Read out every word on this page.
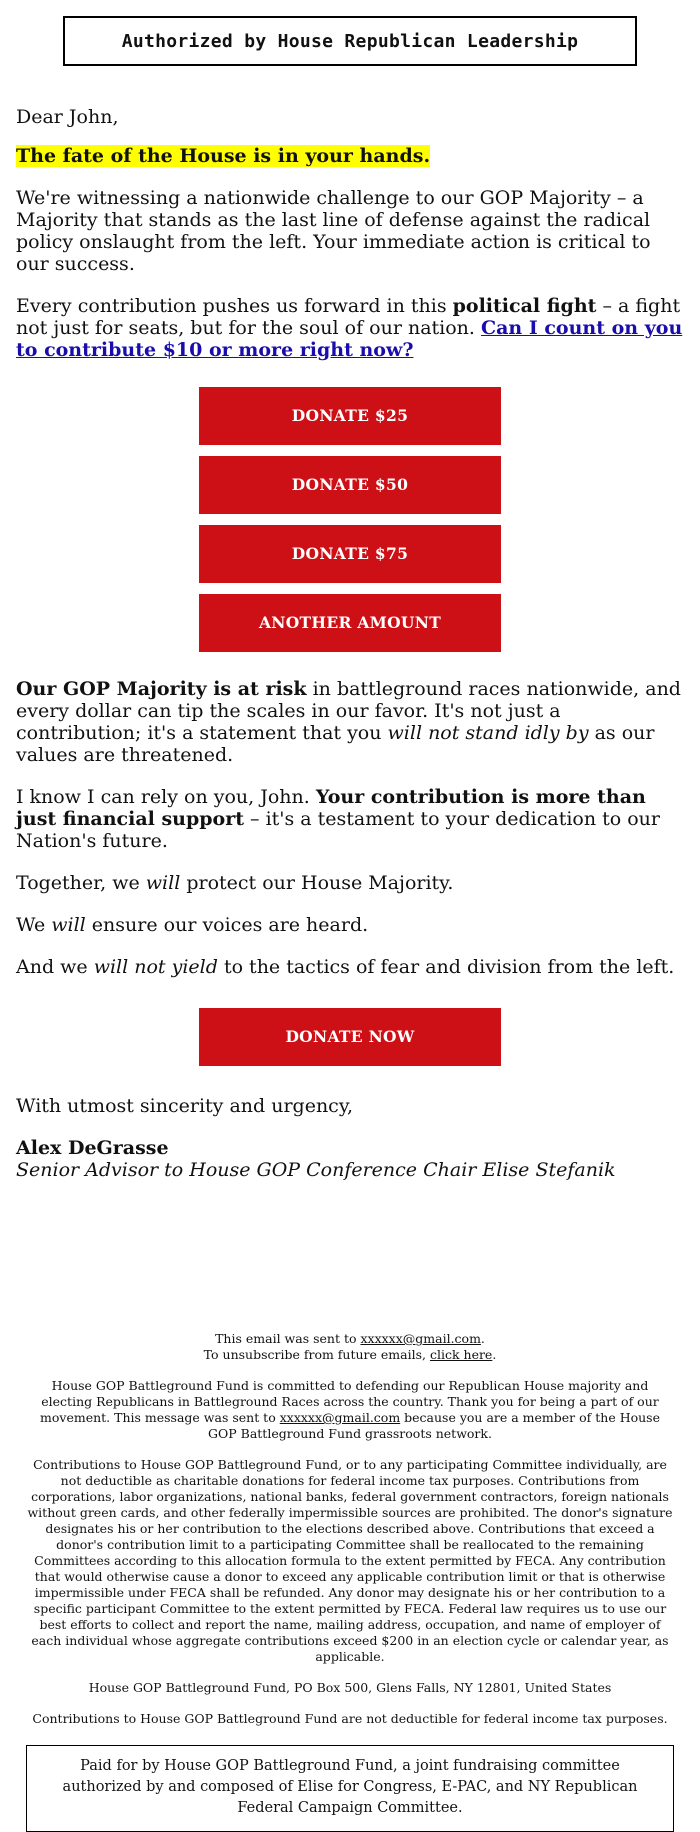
Authorized by House Republican Leadership

Dear John,

The fate of the House is in your hands.

We're witnessing a nationwide challenge to our GOP Majority – a Majority that stands as the last line of defense against the radical policy onslaught from the left. Your immediate action is critical to our success.

Every contribution pushes us forward in this political fight – a fight not just for seats, but for the soul of our nation. Can I count on you to contribute $10 or more right now?

DONATE $25
DONATE $50
DONATE $75
ANOTHER AMOUNT

Our GOP Majority is at risk in battleground races nationwide, and every dollar can tip the scales in our favor. It's not just a contribution; it's a statement that you will not stand idly by as our values are threatened.

I know I can rely on you, John. Your contribution is more than just financial support – it's a testament to your dedication to our Nation's future.

Together, we will protect our House Majority.

We will ensure our voices are heard.

And we will not yield to the tactics of fear and division from the left.

DONATE NOW

With utmost sincerity and urgency,

Alex DeGrasse

Senior Advisor to House GOP Conference Chair Elise Stefanik

This email was sent to xxxxxx@gmail.com.
To unsubscribe from future emails, click here.
House GOP Battleground Fund is committed to defending our Republican House majority and electing Republicans in Battleground Races across the country. Thank you for being a part of our movement. This message was sent to xxxxxx@gmail.com because you are a member of the House GOP Battleground Fund grassroots network.
Contributions to House GOP Battleground Fund, or to any participating Committee individually, are not deductible as charitable donations for federal income tax purposes. Contributions from corporations, labor organizations, national banks, federal government contractors, foreign nationals without green cards, and other federally impermissible sources are prohibited. The donor's signature designates his or her contribution to the elections described above. Contributions that exceed a donor's contribution limit to a participating Committee shall be reallocated to the remaining Committees according to this allocation formula to the extent permitted by FECA. Any contribution that would otherwise cause a donor to exceed any applicable contribution limit or that is otherwise impermissible under FECA shall be refunded. Any donor may designate his or her contribution to a specific participant Committee to the extent permitted by FECA. Federal law requires us to use our best efforts to collect and report the name, mailing address, occupation, and name of employer of each individual whose aggregate contributions exceed $200 in an election cycle or calendar year, as applicable.
House GOP Battleground Fund, PO Box 500, Glens Falls, NY 12801, United States
Contributions to House GOP Battleground Fund are not deductible for federal income tax purposes.
Paid for by House GOP Battleground Fund, a joint fundraising committee authorized by and composed of Elise for Congress, E-PAC, and NY Republican Federal Campaign Committee.
